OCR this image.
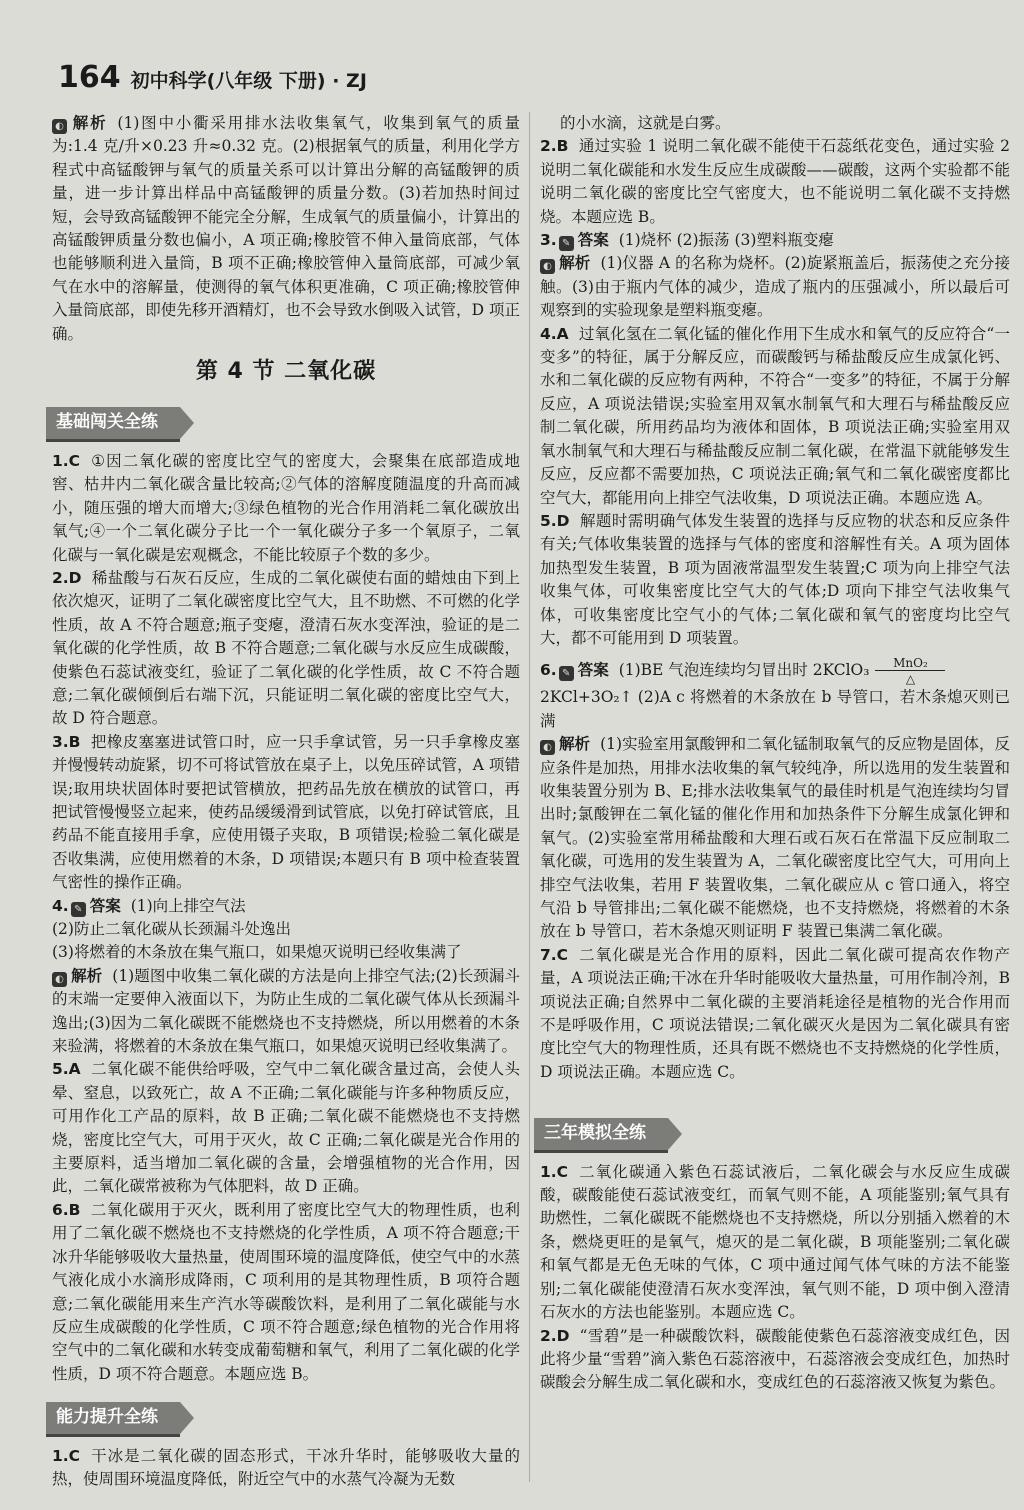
164 初中科学(八年级 下册) · ZJ

◐ 解析 (1)图中小衢采用排水法收集氧气，收集到氧气的质量为:1.4 克/升×0.23 升≈0.32 克。(2)根据氧气的质量，利用化学方程式中高锰酸钾与氧气的质量关系可以计算出分解的高锰酸钾的质量，进一步计算出样品中高锰酸钾的质量分数。(3)若加热时间过短，会导致高锰酸钾不能完全分解，生成氧气的质量偏小，计算出的高锰酸钾质量分数也偏小，A 项正确;橡胶管不伸入量筒底部，气体也能够顺利进入量筒，B 项不正确;橡胶管伸入量筒底部，可减少氧气在水中的溶解量，使测得的氧气体积更准确，C 项正确;橡胶管伸入量筒底部，即使先移开酒精灯，也不会导致水倒吸入试管，D 项正确。

第 4 节 二氧化碳
基础闯关全练

1.C ①因二氧化碳的密度比空气的密度大，会聚集在底部造成地窖、枯井内二氧化碳含量比较高;②气体的溶解度随温度的升高而减小，随压强的增大而增大;③绿色植物的光合作用消耗二氧化碳放出氧气;④一个二氧化碳分子比一个一氧化碳分子多一个氧原子，二氧化碳与一氧化碳是宏观概念，不能比较原子个数的多少。

2.D 稀盐酸与石灰石反应，生成的二氧化碳使右面的蜡烛由下到上依次熄灭，证明了二氧化碳密度比空气大，且不助燃、不可燃的化学性质，故 A 不符合题意;瓶子变瘪，澄清石灰水变浑浊，验证的是二氧化碳的化学性质，故 B 不符合题意;二氧化碳与水反应生成碳酸，使紫色石蕊试液变红，验证了二氧化碳的化学性质，故 C 不符合题意;二氧化碳倾倒后右端下沉，只能证明二氧化碳的密度比空气大，故 D 符合题意。

3.B 把橡皮塞塞进试管口时，应一只手拿试管，另一只手拿橡皮塞并慢慢转动旋紧，切不可将试管放在桌子上，以免压碎试管，A 项错误;取用块状固体时要把试管横放，把药品先放在横放的试管口，再把试管慢慢竖立起来，使药品缓缓滑到试管底，以免打碎试管底，且药品不能直接用手拿，应使用镊子夹取，B 项错误;检验二氧化碳是否收集满，应使用燃着的木条，D 项错误;本题只有 B 项中检查装置气密性的操作正确。

4. ✎ 答案 (1)向上排空气法

(2)防止二氧化碳从长颈漏斗处逸出

(3)将燃着的木条放在集气瓶口，如果熄灭说明已经收集满了

◐ 解析 (1)题图中收集二氧化碳的方法是向上排空气法;(2)长颈漏斗的末端一定要伸入液面以下，为防止生成的二氧化碳气体从长颈漏斗逸出;(3)因为二氧化碳既不能燃烧也不支持燃烧，所以用燃着的木条来验满，将燃着的木条放在集气瓶口，如果熄灭说明已经收集满了。

5.A 二氧化碳不能供给呼吸，空气中二氧化碳含量过高，会使人头晕、窒息，以致死亡，故 A 不正确;二氧化碳能与许多种物质反应，可用作化工产品的原料，故 B 正确;二氧化碳不能燃烧也不支持燃烧，密度比空气大，可用于灭火，故 C 正确;二氧化碳是光合作用的主要原料，适当增加二氧化碳的含量，会增强植物的光合作用，因此，二氧化碳常被称为气体肥料，故 D 正确。

6.B 二氧化碳用于灭火，既利用了密度比空气大的物理性质，也利用了二氧化碳不燃烧也不支持燃烧的化学性质，A 项不符合题意;干冰升华能够吸收大量热量，使周围环境的温度降低，使空气中的水蒸气液化成小水滴形成降雨，C 项利用的是其物理性质，B 项符合题意;二氧化碳能用来生产汽水等碳酸饮料，是利用了二氧化碳能与水反应生成碳酸的化学性质，C 项不符合题意;绿色植物的光合作用将空气中的二氧化碳和水转变成葡萄糖和氧气，利用了二氧化碳的化学性质，D 项不符合题意。本题应选 B。

能力提升全练

1.C 干冰是二氧化碳的固态形式，干冰升华时，能够吸收大量的热，使周围环境温度降低，附近空气中的水蒸气冷凝为无数

的小水滴，这就是白雾。

2.B 通过实验 1 说明二氧化碳不能使干石蕊纸花变色，通过实验 2 说明二氧化碳能和水发生反应生成碳酸——碳酸，这两个实验都不能说明二氧化碳的密度比空气密度大，也不能说明二氧化碳不支持燃烧。本题应选 B。

3. ✎ 答案 (1)烧杯 (2)振荡 (3)塑料瓶变瘪

◐ 解析 (1)仪器 A 的名称为烧杯。(2)旋紧瓶盖后，振荡使之充分接触。(3)由于瓶内气体的减少，造成了瓶内的压强减小，所以最后可观察到的实验现象是塑料瓶变瘪。

4.A 过氧化氢在二氧化锰的催化作用下生成水和氧气的反应符合“一变多”的特征，属于分解反应，而碳酸钙与稀盐酸反应生成氯化钙、水和二氧化碳的反应物有两种，不符合“一变多”的特征，不属于分解反应，A 项说法错误;实验室用双氧水制氧气和大理石与稀盐酸反应制二氧化碳，所用药品均为液体和固体，B 项说法正确;实验室用双氧水制氧气和大理石与稀盐酸反应制二氧化碳，在常温下就能够发生反应，反应都不需要加热，C 项说法正确;氧气和二氧化碳密度都比空气大，都能用向上排空气法收集，D 项说法正确。本题应选 A。

5.D 解题时需明确气体发生装置的选择与反应物的状态和反应条件有关;气体收集装置的选择与气体的密度和溶解性有关。A 项为固体加热型发生装置，B 项为固液常温型发生装置;C 项为向上排空气法收集气体，可收集密度比空气大的气体;D 项向下排空气法收集气体，可收集密度比空气小的气体;二氧化碳和氧气的密度均比空气大，都不可能用到 D 项装置。

6. ✎ 答案 (1)BE 气泡连续均匀冒出时 2KClO₃ MnO₂
△

2KCl+3O₂↑ (2)A c 将燃着的木条放在 b 导管口，若木条熄灭则已满

◐ 解析 (1)实验室用氯酸钾和二氧化锰制取氧气的反应物是固体，反应条件是加热，用排水法收集的氧气较纯净，所以选用的发生装置和收集装置分别为 B、E;排水法收集氧气的最佳时机是气泡连续均匀冒出时;氯酸钾在二氧化锰的催化作用和加热条件下分解生成氯化钾和氧气。(2)实验室常用稀盐酸和大理石或石灰石在常温下反应制取二氧化碳，可选用的发生装置为 A，二氧化碳密度比空气大，可用向上排空气法收集，若用 F 装置收集，二氧化碳应从 c 管口通入，将空气沿 b 导管排出;二氧化碳不能燃烧，也不支持燃烧，将燃着的木条放在 b 导管口，若木条熄灭则证明 F 装置已集满二氧化碳。

7.C 二氧化碳是光合作用的原料，因此二氧化碳可提高农作物产量，A 项说法正确;干冰在升华时能吸收大量热量，可用作制冷剂，B 项说法正确;自然界中二氧化碳的主要消耗途径是植物的光合作用而不是呼吸作用，C 项说法错误;二氧化碳灭火是因为二氧化碳具有密度比空气大的物理性质，还具有既不燃烧也不支持燃烧的化学性质，D 项说法正确。本题应选 C。

三年模拟全练

1.C 二氧化碳通入紫色石蕊试液后，二氧化碳会与水反应生成碳酸，碳酸能使石蕊试液变红，而氧气则不能，A 项能鉴别;氧气具有助燃性，二氧化碳既不能燃烧也不支持燃烧，所以分别插入燃着的木条，燃烧更旺的是氧气，熄灭的是二氧化碳，B 项能鉴别;二氧化碳和氧气都是无色无味的气体，C 项中通过闻气体气味的方法不能鉴别;二氧化碳能使澄清石灰水变浑浊，氧气则不能，D 项中倒入澄清石灰水的方法也能鉴别。本题应选 C。

2.D “雪碧”是一种碳酸饮料，碳酸能使紫色石蕊溶液变成红色，因此将少量“雪碧”滴入紫色石蕊溶液中，石蕊溶液会变成红色，加热时碳酸会分解生成二氧化碳和水，变成红色的石蕊溶液又恢复为紫色。
